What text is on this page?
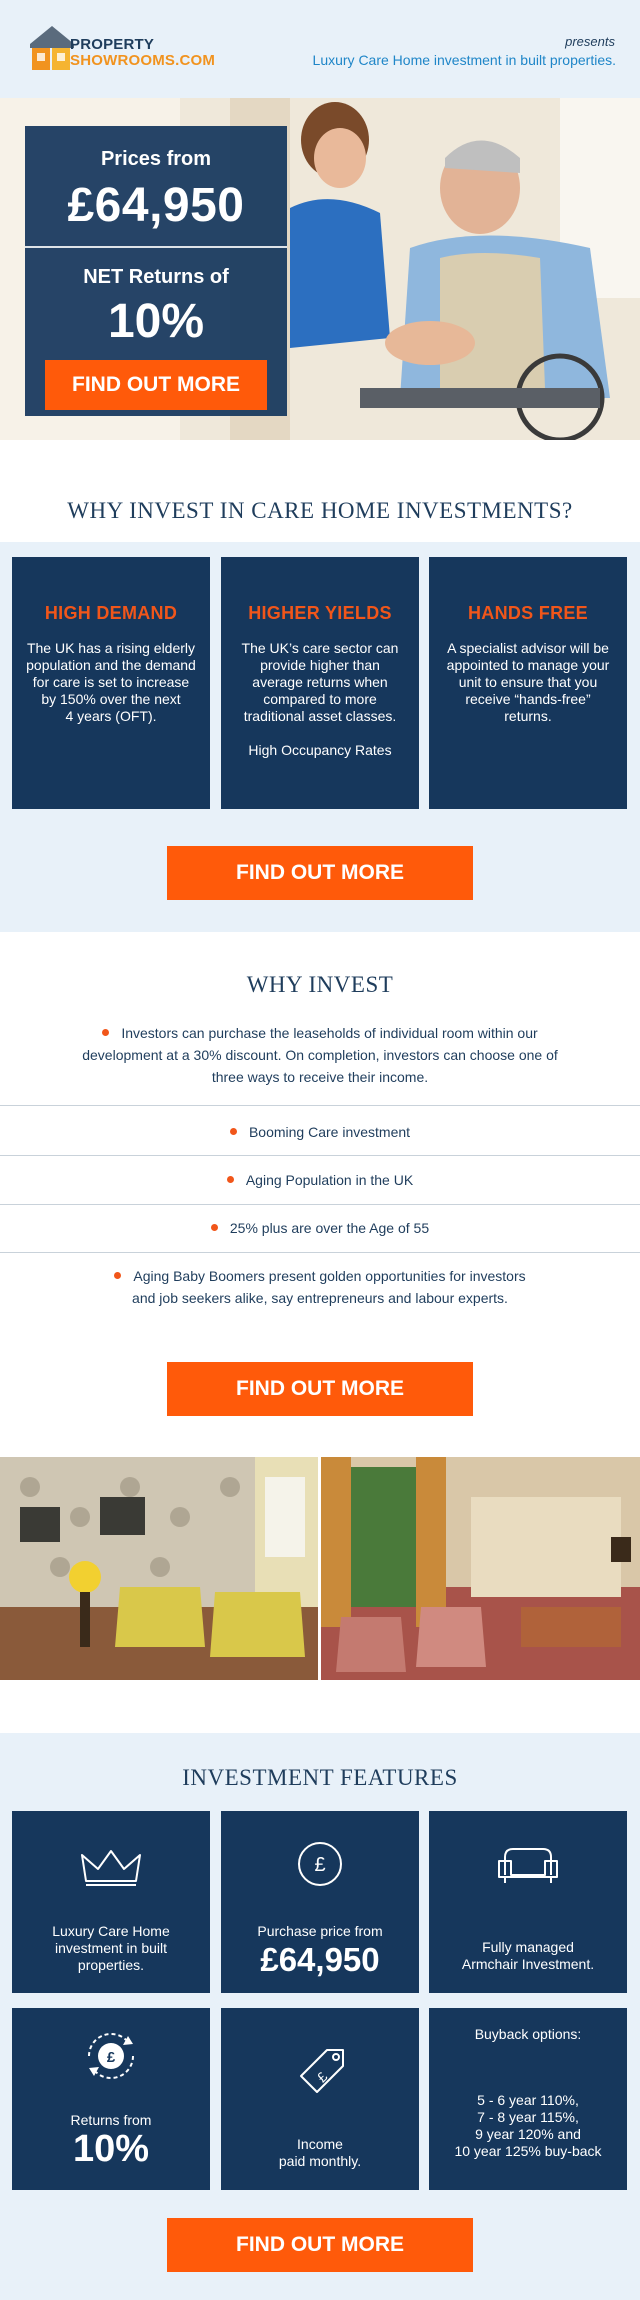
PROPERTY
SHOWROOMS.COM
presents
Luxury Care Home investment in built properties.
Prices from
£64,950
NET Returns of
10%
FIND OUT MORE
WHY INVEST IN CARE HOME INVESTMENTS?
HIGH DEMAND
The UK has a rising elderly population and the demand for care is set to increase by 150% over the next
4 years (OFT).
HIGHER YIELDS
The UK’s care sector can provide higher than average returns when compared to more traditional asset classes.

High Occupancy Rates
HANDS FREE
A specialist advisor will be appointed to manage your unit to ensure that you receive “hands-free” returns.
FIND OUT MORE
WHY INVEST
Investors can purchase the leaseholds of individual room within our development at a 30% discount. On completion, investors can choose one of three ways to receive their income.
Booming Care investment
Aging Population in the UK
25% plus are over the Age of 55
Aging Baby Boomers present golden opportunities for investors and job seekers alike, say entrepreneurs and labour experts.
FIND OUT MORE
INVESTMENT FEATURES
Luxury Care Home investment in built properties.
£
Purchase price from
£64,950	Fully managed
Armchair Investment.
£
Returns from
10%
£
Income
paid monthly.
Buyback options:
5 - 6 year 110%,
7 - 8 year 115%,
9 year 120% and
10 year 125% buy-back
FIND OUT MORE
